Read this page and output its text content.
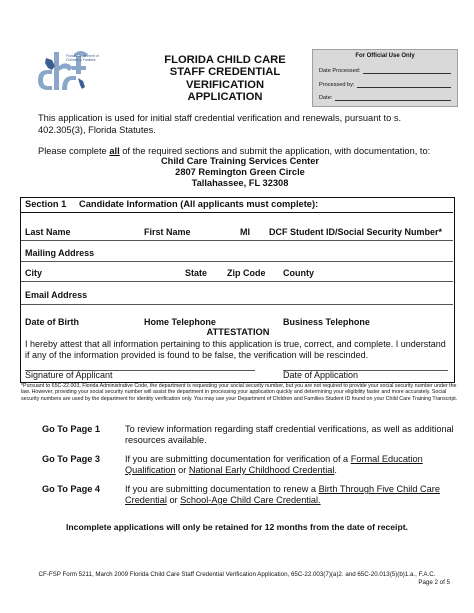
Florida Department of
Children & Families	FLORIDA CHILD CARE
STAFF CREDENTIAL
VERIFICATION
APPLICATION
For Official Use Only
Date Processed:
Processed by:
Date:
This application is used for initial staff credential verification and renewals, pursuant to s. 402.305(3), Florida Statutes.
Please complete all of the required sections and submit the application, with documentation, to:
Child Care Training Services Center
2807 Remington Green Circle
Tallahassee, FL 32308
Section 1 Candidate Information (All applicants must complete):
Last Name	First Name	MI DCF Student ID/Social Security Number*
Mailing Address
City	State Zip Code County
Email Address
Date of Birth	Home Telephone	Business Telephone
ATTESTATION
I hereby attest that all information pertaining to this application is true, correct, and complete. I understand if any of the information provided is found to be false, the verification will be rescinded.
Signature of Applicant	Date of Application
*Pursuant to 65C-22.003, Florida Administrative Code, the department is requesting your social security number, but you are not required to provide your social security number under the law. However, providing your social security number will assist the department in processing your application quickly and determining your eligibility faster and more accurately. Social security numbers are used by the department for identity verification only. You may use your Department of Children and Families Student ID found on your Child Care Training Transcript.
Go To Page 1	To review information regarding staff credential verifications, as well as additional resources available.
Go To Page 3	If you are submitting documentation for verification of a Formal Education Qualification or National Early Childhood Credential.
Go To Page 4	If you are submitting documentation to renew a Birth Through Five Child Care Credential or School-Age Child Care Credential.
Incomplete applications will only be retained for 12 months from the date of receipt.
CF-FSP Form 5211, March 2009 Florida Child Care Staff Credential Verification Application, 65C-22.003(7)(a)2. and 65C-20.013(5)(b)1.a., F.A.C.
Page 2 of 5
